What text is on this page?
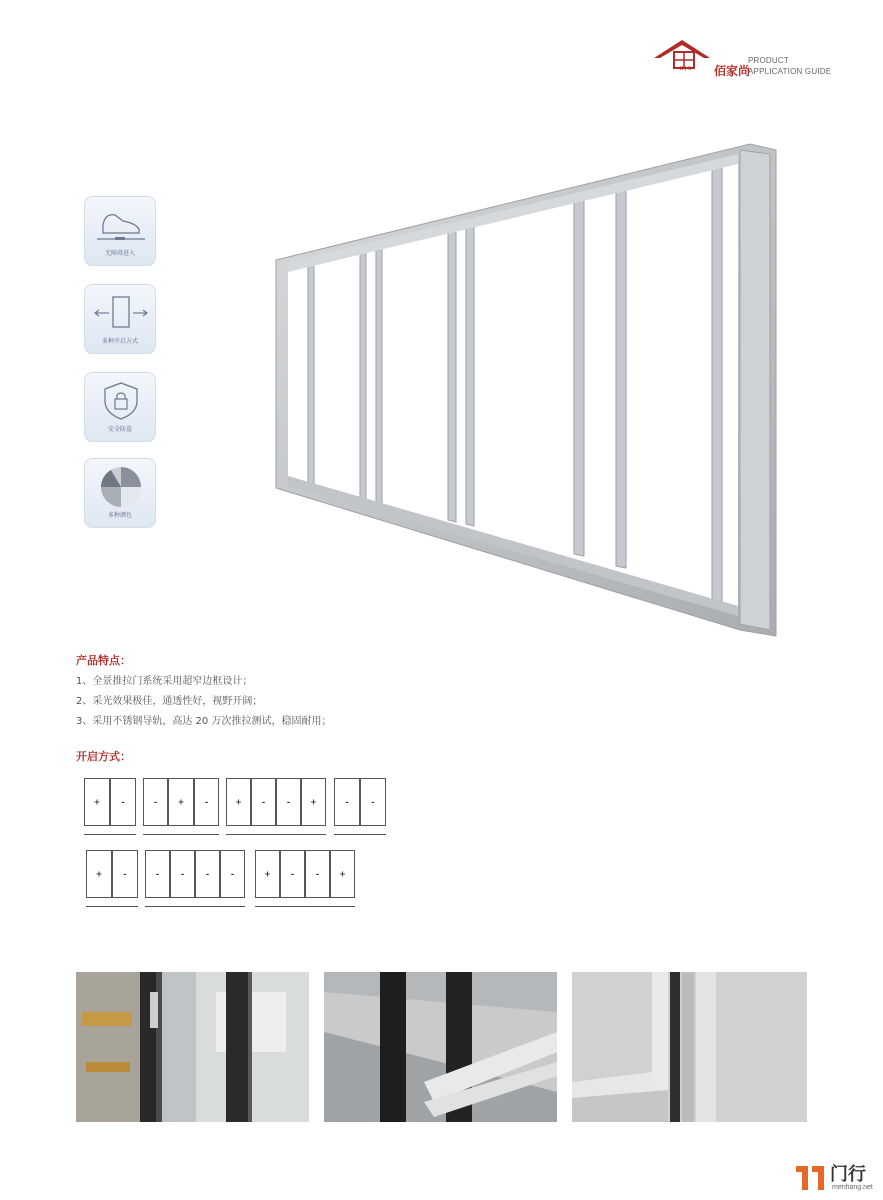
B J S 佰家尚
PRODUCT
APPLICATION GUIDE
无障碍进入
多种开启方式
安全防盗
多种颜色
产品特点：
1、全景推拉门系统采用超窄边框设计；
2、采光效果极佳，通透性好，视野开阔；
3、采用不锈钢导轨，高达 20 万次推拉测试，稳固耐用；
开启方式：
+	-	-	+	-	+ -	- +	-	-
+	-	-	-	-	-	+ -	- +
门行
menhang.net
